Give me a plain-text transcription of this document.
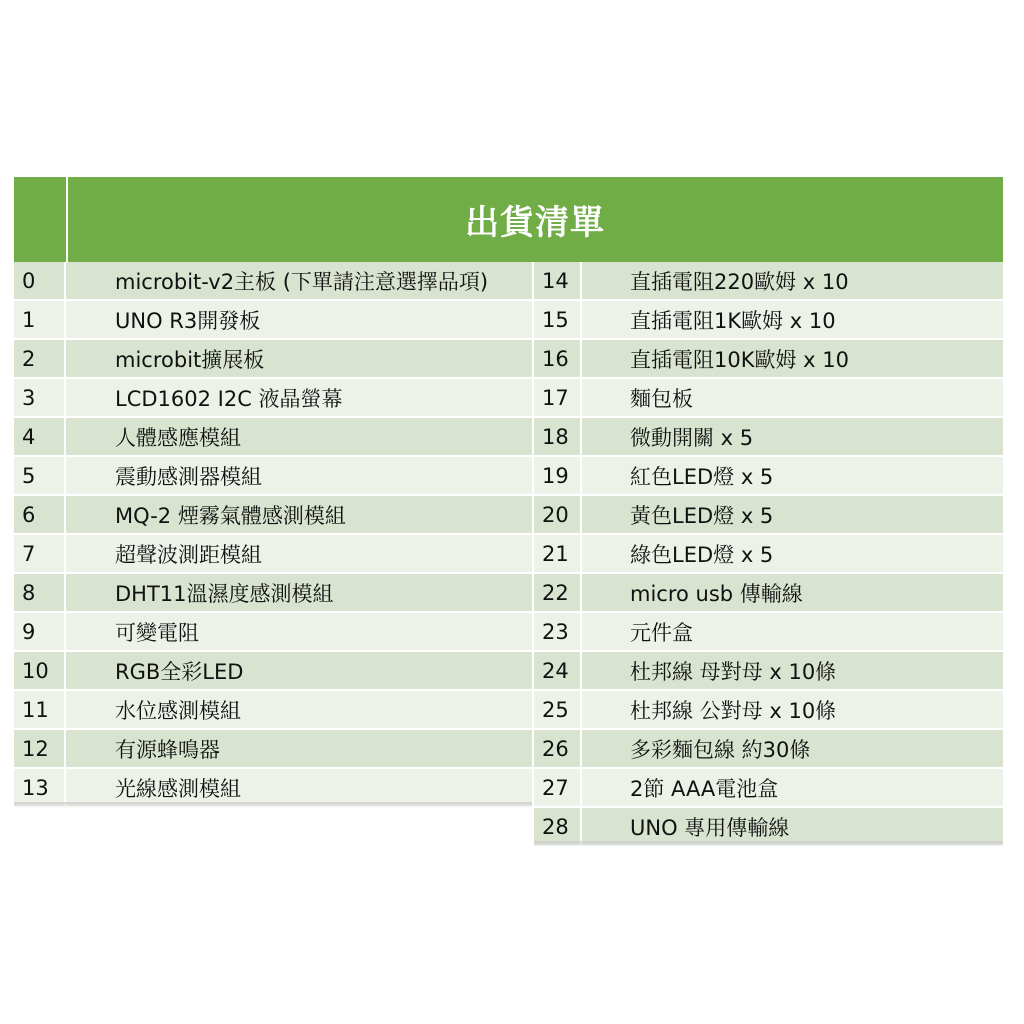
出貨清單
0	microbit-v2主板 (下單請注意選擇品項)
1	UNO R3開發板
2	microbit擴展板
3	LCD1602 I2C 液晶螢幕
4	人體感應模組
5	震動感測器模組
6	MQ-2 煙霧氣體感測模組
7	超聲波測距模組
8	DHT11溫濕度感測模組
9	可變電阻
10	RGB全彩LED
11	水位感測模組
12	有源蜂鳴器
13	光線感測模組
14	直插電阻220歐姆 x 10
15	直插電阻1K歐姆 x 10
16	直插電阻10K歐姆 x 10
17	麵包板
18	微動開關 x 5
19	紅色LED燈 x 5
20	黃色LED燈 x 5
21	綠色LED燈 x 5
22	micro usb 傳輸線
23	元件盒
24	杜邦線 母對母 x 10條
25	杜邦線 公對母 x 10條
26	多彩麵包線 約30條
27	2節 AAA電池盒
28	UNO 專用傳輸線
